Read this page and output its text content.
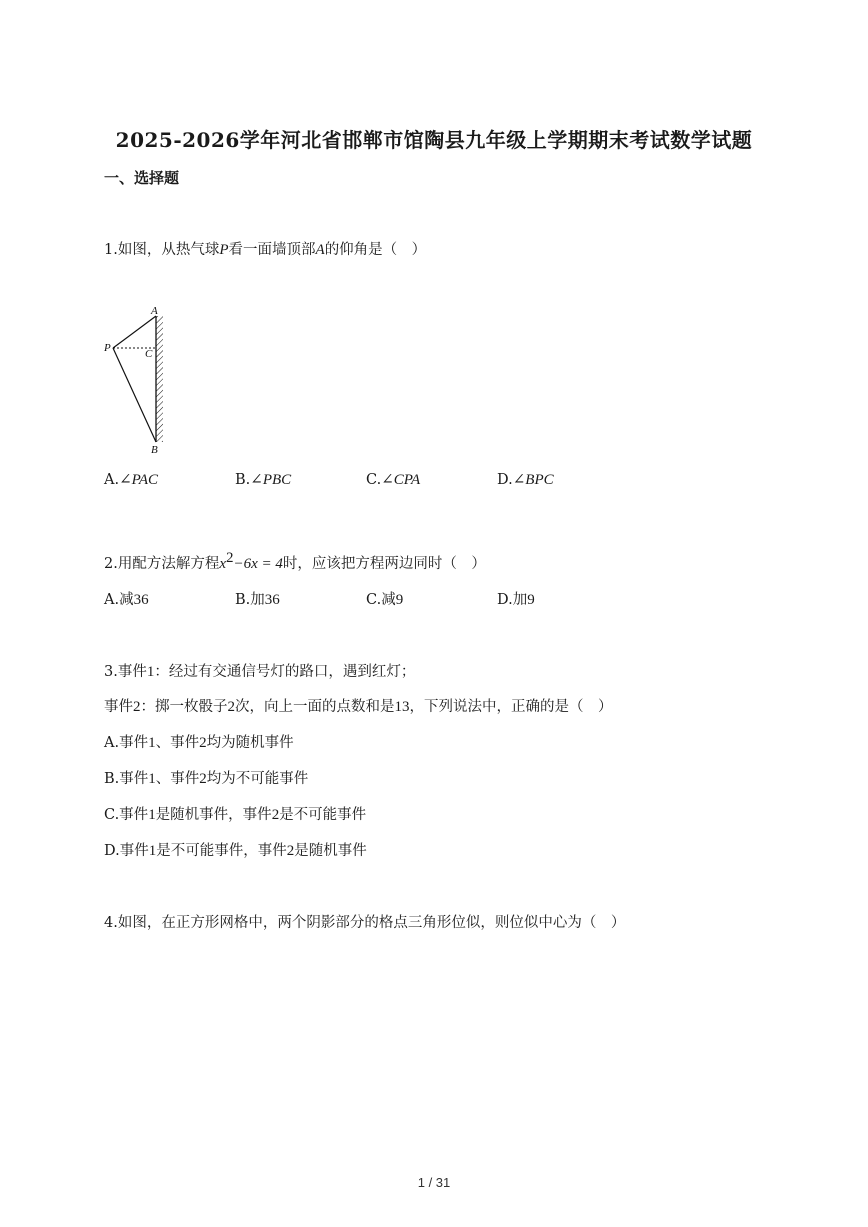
2025-2026学年河北省邯郸市馆陶县九年级上学期期末考试数学试题
一、选择题
1.如图，从热气球P看一面墙顶部A的仰角是（　）
A
P	C
B
A.∠PAC	B.∠PBC	C.∠CPA	D.∠BPC
2.用配方法解方程$x^2-6x = 4$时，应该把方程两边同时（　）
A.减36	B.加36	C.减9	D.加9
3.事件1：经过有交通信号灯的路口，遇到红灯；
事件2：掷一枚骰子2次，向上一面的点数和是13，下列说法中，正确的是（　）
A.事件1、事件2均为随机事件
B.事件1、事件2均为不可能事件
C.事件1是随机事件，事件2是不可能事件
D.事件1是不可能事件，事件2是随机事件
4.如图，在正方形网格中，两个阴影部分的格点三角形位似，则位似中心为（　）
1 / 31
